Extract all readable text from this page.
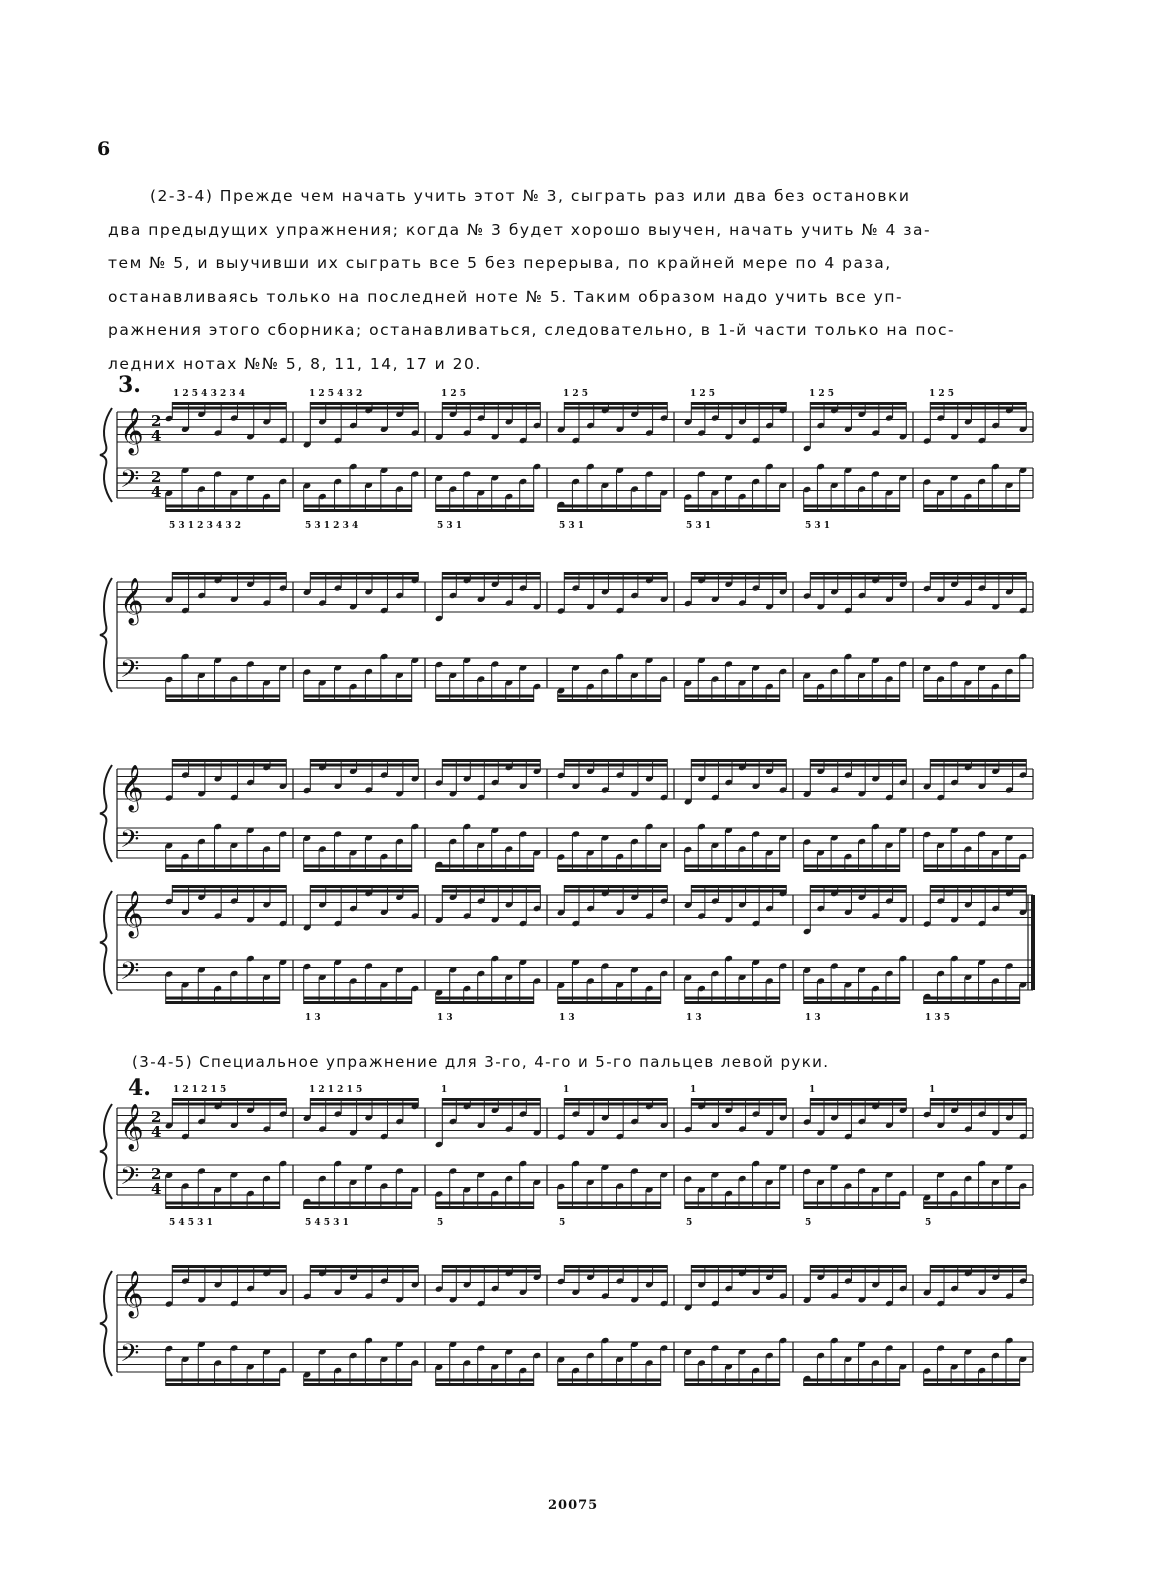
6
(2-3-4) Прежде чем начать учить этот № 3, сыграть раз или два без остановки
два предыдущих упражнения; когда № 3 будет хорошо выучен, начать учить № 4 за-
тем № 5, и выучивши их сыграть все 5 без перерыва, по крайней мере по 4 раза,
останавливаясь только на последней ноте № 5. Таким образом надо учить все уп-
ражнения этого сборника; останавливаться, следовательно, в 1-й части только на пос-
ледних нотах №№ 5, 8, 11, 14, 17 и 20.
3.
(3-4-5) Специальное упражнение для 3-го, 4-го и 5-го пальцев левой руки.
4.
𝄞
𝄢
2
4
2
4
1 2 5 4 3 2 3 4
5 3 1 2 3 4 3 2
1 2 5 4 3 2
5 3 1 2 3 4
1 2 5
5 3 1
1 2 5
5 3 1
1 2 5
5 3 1
1 2 5
5 3 1
1 2 5
𝄞
𝄢
𝄞
𝄢
𝄞
𝄢
1 3	1 3	1 3	1 3	1 3	1 3 5
𝄞
𝄢
2
4
2
4
1 2 1 2 1 5
5 4 5 3 1
1 2 1 2 1 5
5 4 5 3 1
1
5
1
5
1
5
1
5
1
5
𝄞
𝄢
20075
